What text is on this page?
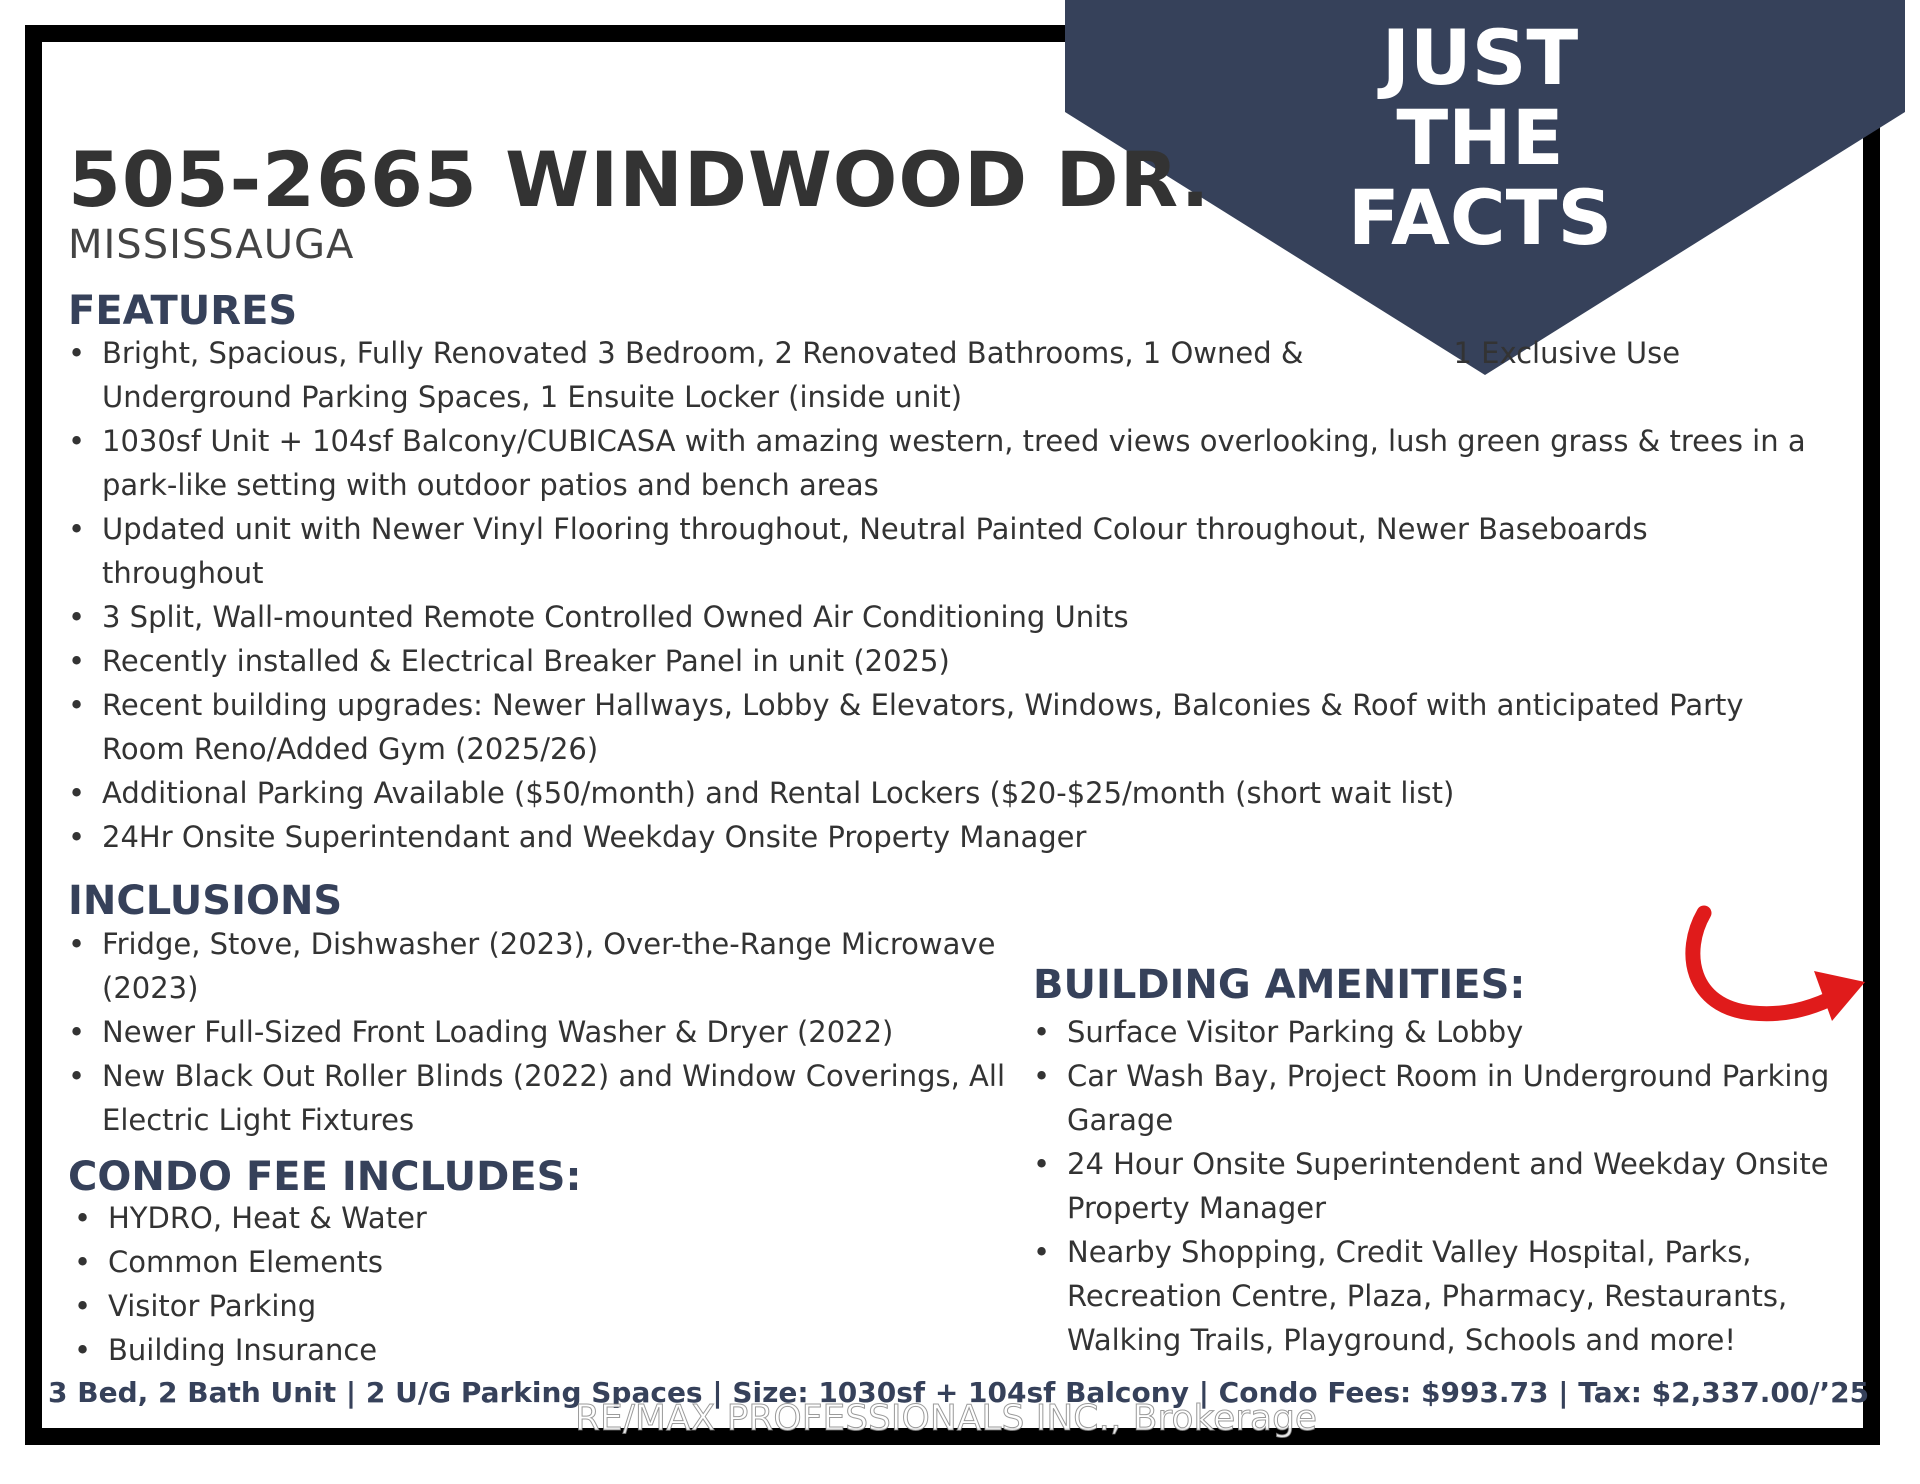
JUST
THE
FACTS
505-2665 WINDWOOD DR.
MISSISSAUGA
FEATURES
• Bright, Spacious, Fully Renovated 3 Bedroom, 2 Renovated Bathrooms, 1 Owned &	1 Exclusive Use Underground Parking Spaces, 1 Ensuite Locker (inside unit)
• 1030sf Unit + 104sf Balcony/CUBICASA with amazing western, treed views overlooking, lush green grass & trees in a park-like setting with outdoor patios and bench areas
• Updated unit with Newer Vinyl Flooring throughout, Neutral Painted Colour throughout, Newer Baseboards throughout
• 3 Split, Wall-mounted Remote Controlled Owned Air Conditioning Units
• Recently installed & Electrical Breaker Panel in unit (2025)
• Recent building upgrades: Newer Hallways, Lobby & Elevators, Windows, Balconies & Roof with anticipated Party Room Reno/Added Gym (2025/26)
• Additional Parking Available ($50/month) and Rental Lockers ($20-$25/month (short wait list)
• 24Hr Onsite Superintendant and Weekday Onsite Property Manager
INCLUSIONS
• Fridge, Stove, Dishwasher (2023), Over-the-Range Microwave (2023)
• Newer Full-Sized Front Loading Washer & Dryer (2022)
• New Black Out Roller Blinds (2022) and Window Coverings, All Electric Light Fixtures
CONDO FEE INCLUDES:
• HYDRO, Heat & Water
• Common Elements
• Visitor Parking
• Building Insurance
BUILDING AMENITIES:
• Surface Visitor Parking & Lobby
• Car Wash Bay, Project Room in Underground Parking Garage
• 24 Hour Onsite Superintendent and Weekday Onsite Property Manager
• Nearby Shopping, Credit Valley Hospital, Parks, Recreation Centre, Plaza, Pharmacy, Restaurants, Walking Trails, Playground, Schools and more!
3 Bed, 2 Bath Unit | 2 U/G Parking Spaces | Size: 1030sf + 104sf Balcony | Condo Fees: $993.73 | Tax: $2,337.00/’25
RE/MAX PROFESSIONALS INC., Brokerage
